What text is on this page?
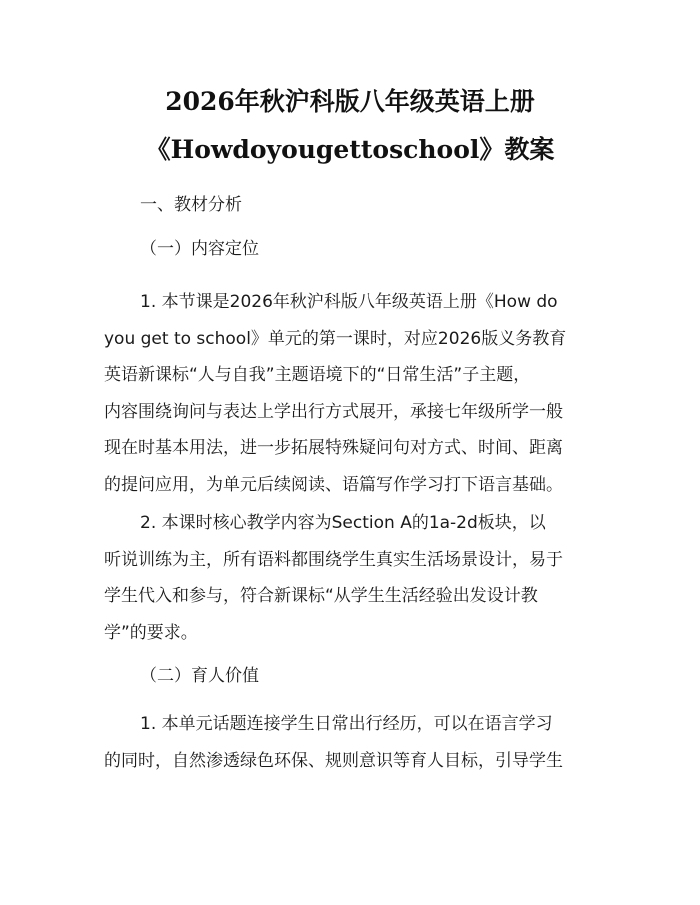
2026年秋沪科版八年级英语上册
《Howdoyougettoschool》教案

一、教材分析

（一）内容定位

1. 本节课是2026年秋沪科版八年级英语上册《How do
you get to school》单元的第一课时，对应2026版义务教育
英语新课标“人与自我”主题语境下的“日常生活”子主题，
内容围绕询问与表达上学出行方式展开，承接七年级所学一般
现在时基本用法，进一步拓展特殊疑问句对方式、时间、距离
的提问应用，为单元后续阅读、语篇写作学习打下语言基础。
2. 本课时核心教学内容为Section A的1a-2d板块，以
听说训练为主，所有语料都围绕学生真实生活场景设计，易于
学生代入和参与，符合新课标“从学生生活经验出发设计教
学”的要求。

（二）育人价值

1. 本单元话题连接学生日常出行经历，可以在语言学习
的同时，自然渗透绿色环保、规则意识等育人目标，引导学生
